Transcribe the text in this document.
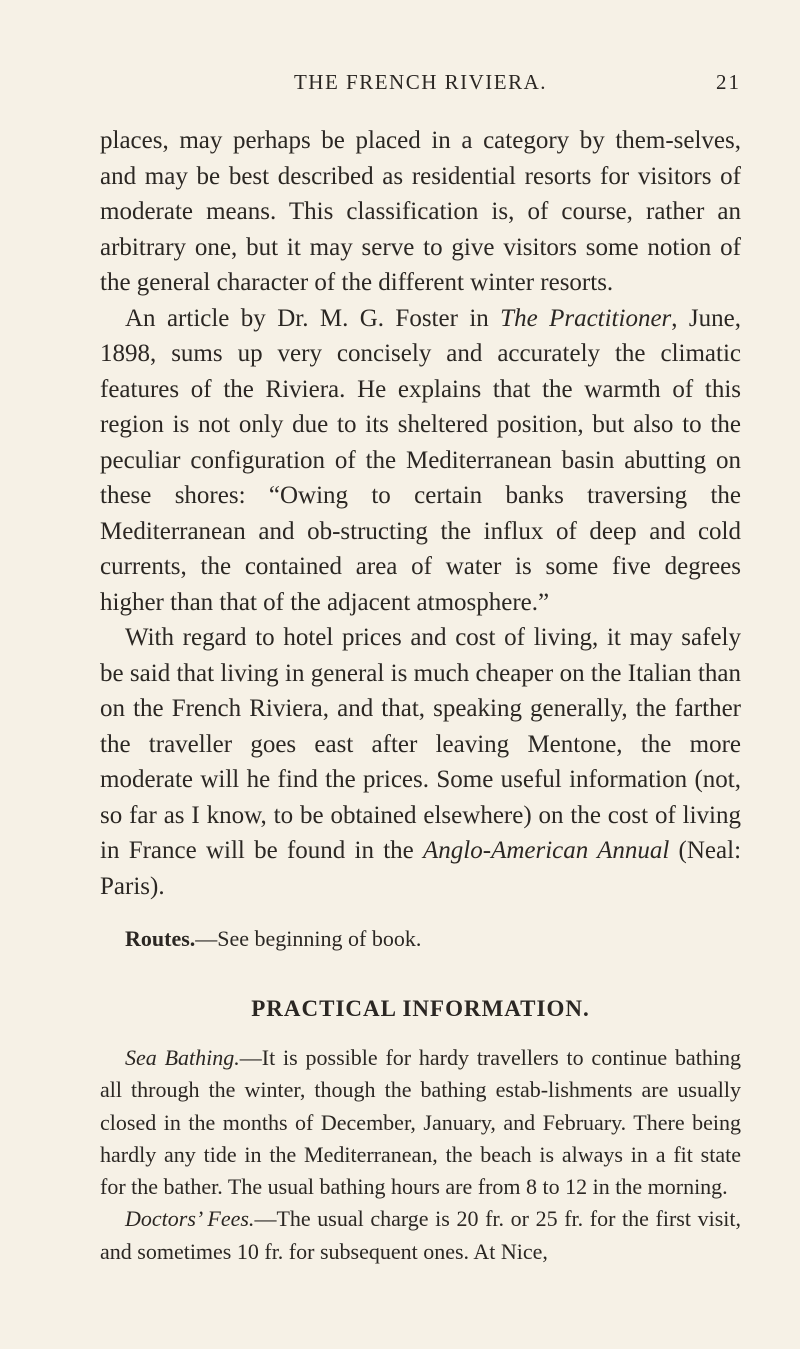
THE FRENCH RIVIERA.	21

places, may perhaps be placed in a category by them-selves, and may be best described as residential resorts for visitors of moderate means. This classification is, of course, rather an arbitrary one, but it may serve to give visitors some notion of the general character of the different winter resorts.

An article by Dr. M. G. Foster in The Practitioner, June, 1898, sums up very concisely and accurately the climatic features of the Riviera. He explains that the warmth of this region is not only due to its sheltered position, but also to the peculiar configuration of the Mediterranean basin abutting on these shores: “Owing to certain banks traversing the Mediterranean and ob-structing the influx of deep and cold currents, the contained area of water is some five degrees higher than that of the adjacent atmosphere.”

With regard to hotel prices and cost of living, it may safely be said that living in general is much cheaper on the Italian than on the French Riviera, and that, speaking generally, the farther the traveller goes east after leaving Mentone, the more moderate will he find the prices. Some useful information (not, so far as I know, to be obtained elsewhere) on the cost of living in France will be found in the Anglo-American Annual (Neal: Paris).

Routes.—See beginning of book.

PRACTICAL INFORMATION.

Sea Bathing.—It is possible for hardy travellers to continue bathing all through the winter, though the bathing estab-lishments are usually closed in the months of December, January, and February. There being hardly any tide in the Mediterranean, the beach is always in a fit state for the bather. The usual bathing hours are from 8 to 12 in the morning.

Doctors’ Fees.—The usual charge is 20 fr. or 25 fr. for the first visit, and sometimes 10 fr. for subsequent ones. At Nice,
